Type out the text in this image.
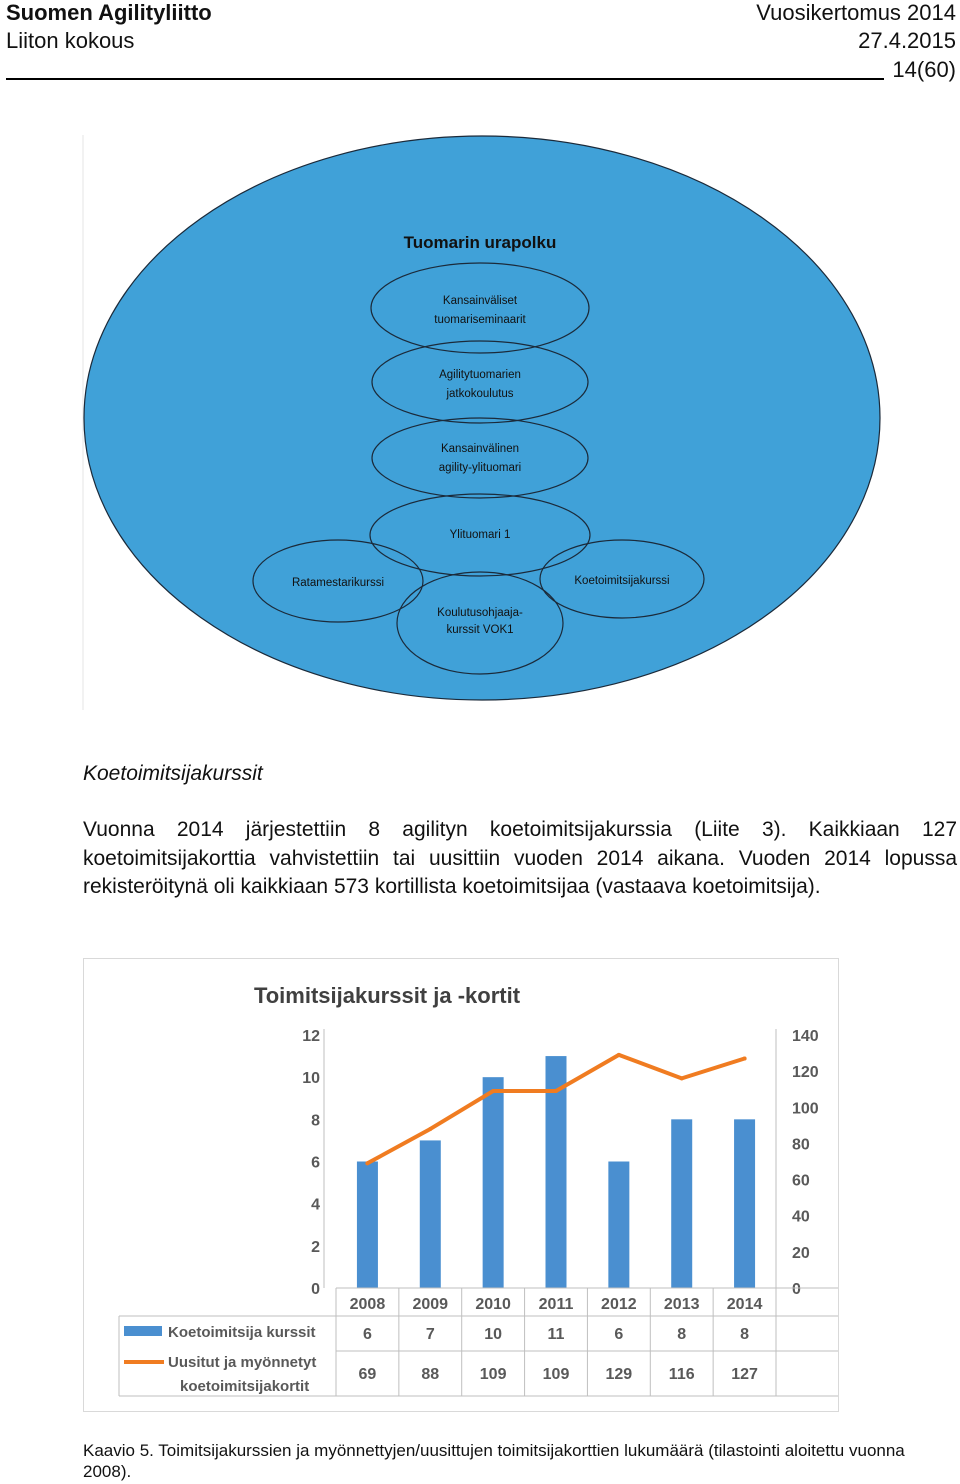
Suomen Agilityliitto
Liiton kokous
Vuosikertomus 2014
27.4.2015
14(60)
Tuomarin urapolku
Kansainväliset
tuomariseminaarit
Agilitytuomarien
jatkokoulutus
Kansainvälinen
agility-ylituomari
Ylituomari 1
Ratamestarikurssi	Koetoimitsijakurssi
Koulutusohjaaja-
kurssit VOK1
Koetoimitsijakurssit
Vuonna 2014 järjestettiin 8 agilityn koetoimitsijakurssia (Liite 3). Kaikkiaan 127 koetoimitsijakorttia vahvistettiin tai uusittiin vuoden 2014 aikana. Vuoden 2014 lopussa rekisteröitynä oli kaikkiaan 573 kortillista koetoimitsijaa (vastaava koetoimitsija).
Toimitsijakurssit ja -kortit
0
2
4
6
8
10
12
0
20
40
60
80
100
120
140
2008 2009 2010 2011 2012 2013 2014
6	7	10	11	6	8	8
69	88	109 109 129 116 127
Koetoimitsija kurssit
Uusitut ja myönnetyt
koetoimitsijakortit
Kaavio 5. Toimitsijakurssien ja myönnettyjen/uusittujen toimitsijakorttien lukumäärä (tilastointi aloitettu vuonna 2008).
